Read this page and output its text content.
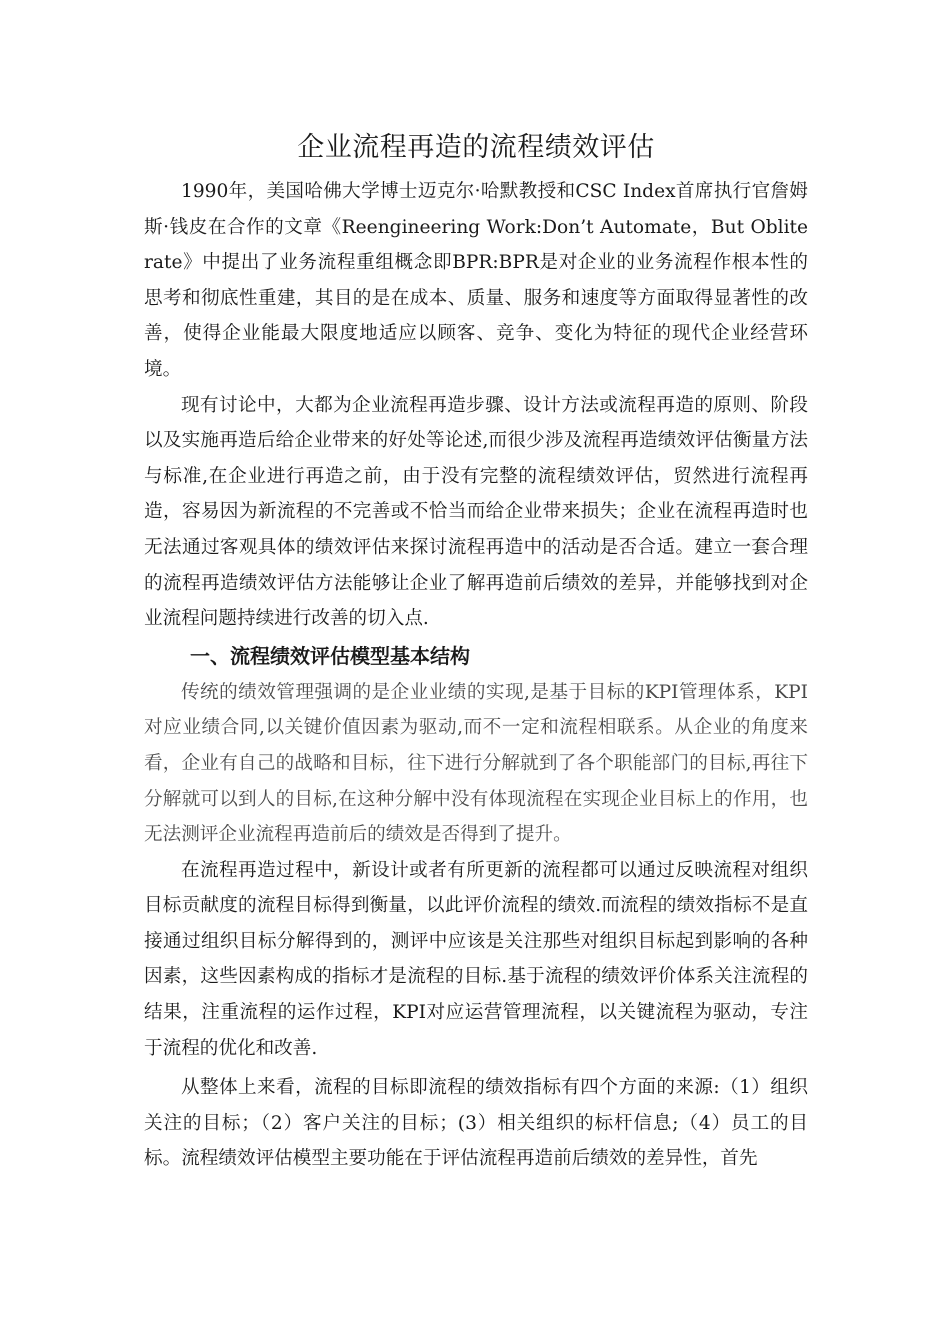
企业流程再造的流程绩效评估

1990年，美国哈佛大学博士迈克尔·哈默教授和CSC Index首席执行官詹姆斯·钱皮在合作的文章《Reengineering Work:Don’t Automate，But Obliterate》中提出了业务流程重组概念即BPR:BPR是对企业的业务流程作根本性的思考和彻底性重建，其目的是在成本、质量、服务和速度等方面取得显著性的改善，使得企业能最大限度地适应以顾客、竞争、变化为特征的现代企业经营环境。

现有讨论中，大都为企业流程再造步骤、设计方法或流程再造的原则、阶段以及实施再造后给企业带来的好处等论述,而很少涉及流程再造绩效评估衡量方法与标准,在企业进行再造之前，由于没有完整的流程绩效评估，贸然进行流程再造，容易因为新流程的不完善或不恰当而给企业带来损失；企业在流程再造时也无法通过客观具体的绩效评估来探讨流程再造中的活动是否合适。建立一套合理的流程再造绩效评估方法能够让企业了解再造前后绩效的差异，并能够找到对企业流程问题持续进行改善的切入点.

一、流程绩效评估模型基本结构

传统的绩效管理强调的是企业业绩的实现,是基于目标的KPI管理体系，KPI对应业绩合同,以关键价值因素为驱动,而不一定和流程相联系。从企业的角度来看，企业有自己的战略和目标，往下进行分解就到了各个职能部门的目标,再往下分解就可以到人的目标,在这种分解中没有体现流程在实现企业目标上的作用，也无法测评企业流程再造前后的绩效是否得到了提升。

在流程再造过程中，新设计或者有所更新的流程都可以通过反映流程对组织目标贡献度的流程目标得到衡量，以此评价流程的绩效.而流程的绩效指标不是直接通过组织目标分解得到的，测评中应该是关注那些对组织目标起到影响的各种因素，这些因素构成的指标才是流程的目标.基于流程的绩效评价体系关注流程的结果，注重流程的运作过程，KPI对应运营管理流程，以关键流程为驱动，专注于流程的优化和改善.

从整体上来看，流程的目标即流程的绩效指标有四个方面的来源:（1）组织关注的目标；（2）客户关注的目标；(3）相关组织的标杆信息;（4）员工的目标。流程绩效评估模型主要功能在于评估流程再造前后绩效的差异性，首先
